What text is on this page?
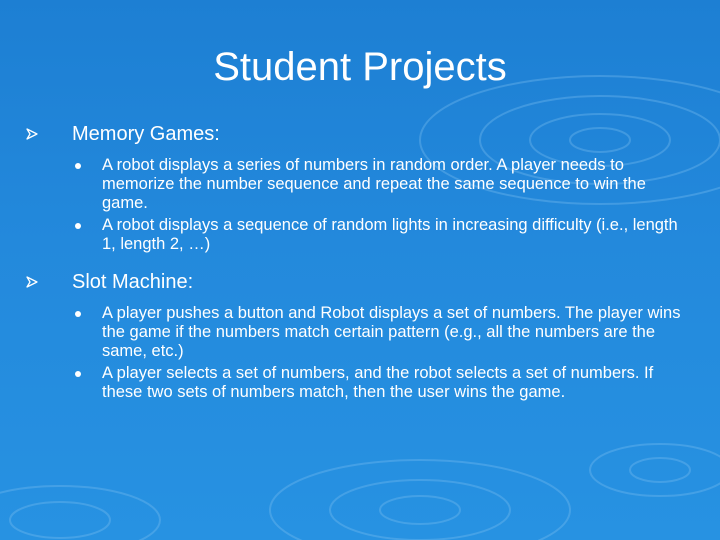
Student Projects
Memory Games:
A robot displays a series of numbers in random order. A player needs to memorize the number sequence and repeat the same sequence to win the game.
A robot displays a sequence of random lights in increasing difficulty (i.e., length 1, length 2, …)
Slot Machine:
A player pushes a button and Robot displays a set of numbers. The player wins the game if the numbers match certain pattern (e.g., all the numbers are the same, etc.)
A player selects a set of numbers, and the robot selects a set of numbers. If these two sets of numbers match, then the user wins the game.
